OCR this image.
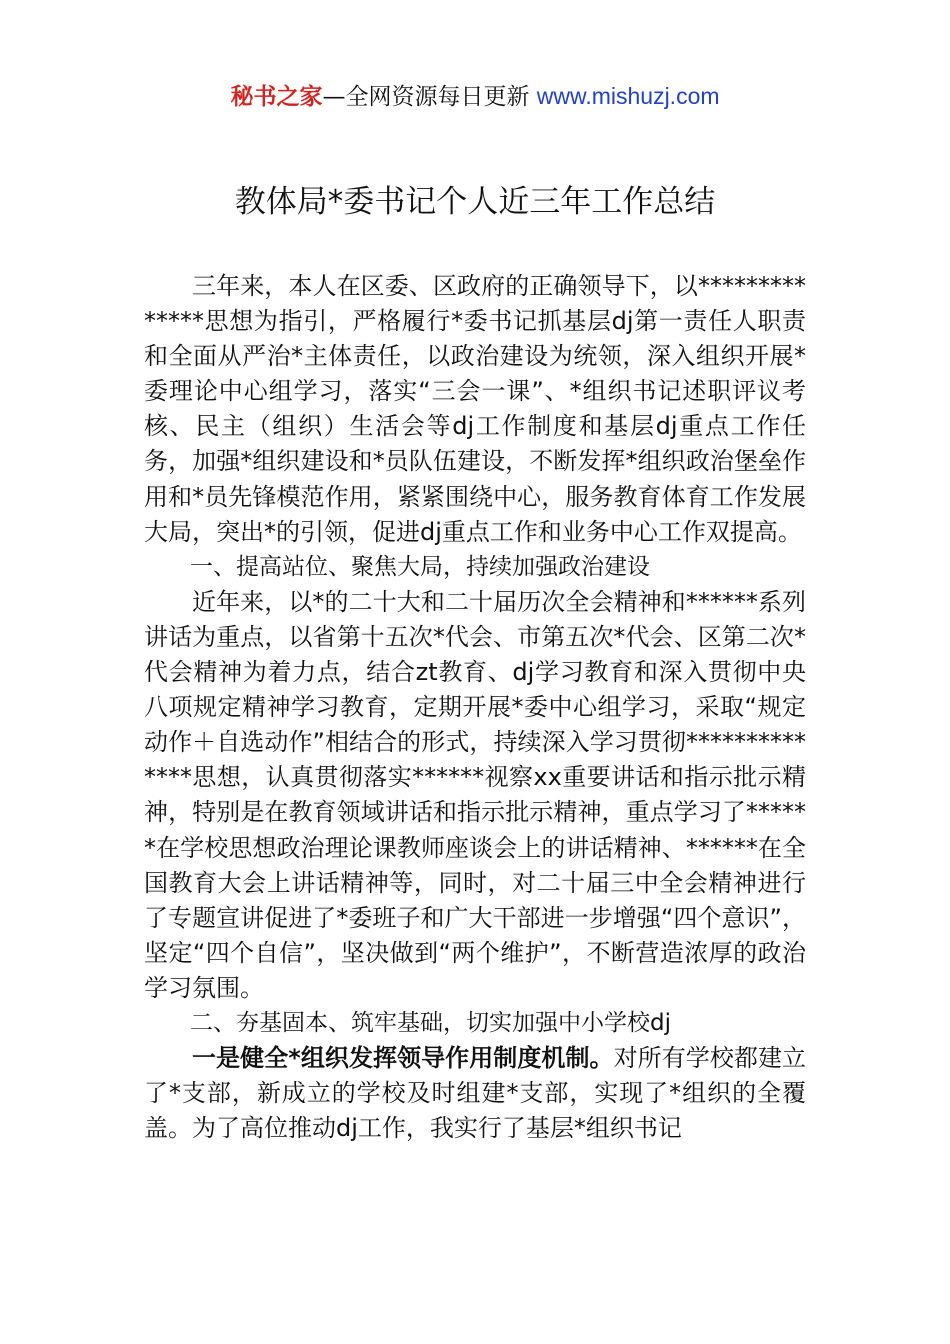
秘书之家—全网资源每日更新 www.mishuzj.com
教体局*委书记个人近三年工作总结

三年来，本人在区委、区政府的正确领导下，以**************思想为指引，严格履行*委书记抓基层dj第一责任人职责和全面从严治*主体责任，以政治建设为统领，深入组织开展*委理论中心组学习，落实“三会一课”、*组织书记述职评议考核、民主（组织）生活会等dj工作制度和基层dj重点工作任务，加强*组织建设和*员队伍建设，不断发挥*组织政治堡垒作用和*员先锋模范作用，紧紧围绕中心，服务教育体育工作发展大局，突出*的引领，促进dj重点工作和业务中心工作双提高。

一、提高站位、聚焦大局，持续加强政治建设

近年来，以*的二十大和二十届历次全会精神和******系列讲话为重点，以省第十五次*代会、市第五次*代会、区第二次*代会精神为着力点，结合zt教育、dj学习教育和深入贯彻中央八项规定精神学习教育，定期开展*委中心组学习，采取“规定动作＋自选动作”相结合的形式，持续深入学习贯彻**************思想，认真贯彻落实******视察xx重要讲话和指示批示精神，特别是在教育领域讲话和指示批示精神，重点学习了******在学校思想政治理论课教师座谈会上的讲话精神、******在全国教育大会上讲话精神等，同时，对二十届三中全会精神进行了专题宣讲促进了*委班子和广大干部进一步增强“四个意识”，坚定“四个自信”，坚决做到“两个维护”，不断营造浓厚的政治学习氛围。

二、夯基固本、筑牢基础，切实加强中小学校dj

一是健全*组织发挥领导作用制度机制。对所有学校都建立了*支部，新成立的学校及时组建*支部，实现了*组织的全覆盖。为了高位推动dj工作，我实行了基层*组织书记
